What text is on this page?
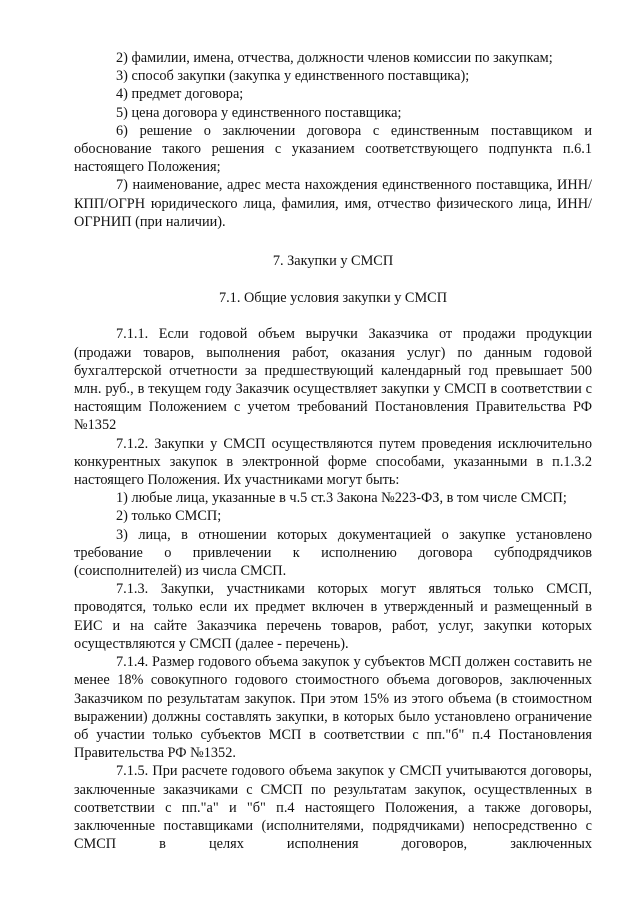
2) фамилии, имена, отчества, должности членов комиссии по закупкам;

3) способ закупки (закупка у единственного поставщика);

4) предмет договора;

5) цена договора у единственного поставщика;

6) решение о заключении договора с единственным поставщиком и обоснование такого решения с указанием соответствующего подпункта п.6.1 настоящего Положения;

7) наименование, адрес места нахождения единственного поставщика, ИНН/КПП/ОГРН юридического лица, фамилия, имя, отчество физического лица, ИНН/ОГРНИП (при наличии).

7. Закупки у СМСП
7.1. Общие условия закупки у СМСП

7.1.1. Если годовой объем выручки Заказчика от продажи продукции (продажи товаров, выполнения работ, оказания услуг) по данным годовой бухгалтерской отчетности за предшествующий календарный год превышает 500 млн. руб., в текущем году Заказчик осуществляет закупки у СМСП в соответствии с настоящим Положением с учетом требований Постановления Правительства РФ №1352

7.1.2. Закупки у СМСП осуществляются путем проведения исключительно конкурентных закупок в электронной форме способами, указанными в п.1.3.2 настоящего Положения. Их участниками могут быть:

1) любые лица, указанные в ч.5 ст.3 Закона №223-ФЗ, в том числе СМСП;

2) только СМСП;

3) лица, в отношении которых документацией о закупке установлено требование о привлечении к исполнению договора субподрядчиков (соисполнителей) из числа СМСП.

7.1.3. Закупки, участниками которых могут являться только СМСП, проводятся, только если их предмет включен в утвержденный и размещенный в ЕИС и на сайте Заказчика перечень товаров, работ, услуг, закупки которых осуществляются у СМСП (далее - перечень).

7.1.4. Размер годового объема закупок у субъектов МСП должен составить не менее 18% совокупного годового стоимостного объема договоров, заключенных Заказчиком по результатам закупок. При этом 15% из этого объема (в стоимостном выражении) должны составлять закупки, в которых было установлено ограничение об участии только субъектов МСП в соответствии с пп."б" п.4 Постановления Правительства РФ №1352.

7.1.5. При расчете годового объема закупок у СМСП учитываются договоры, заключенные заказчиками с СМСП по результатам закупок, осуществленных в соответствии с пп."а" и "б" п.4 настоящего Положения, а также договоры, заключенные поставщиками (исполнителями, подрядчиками) непосредственно с СМСП в целях исполнения договоров, заключенных
